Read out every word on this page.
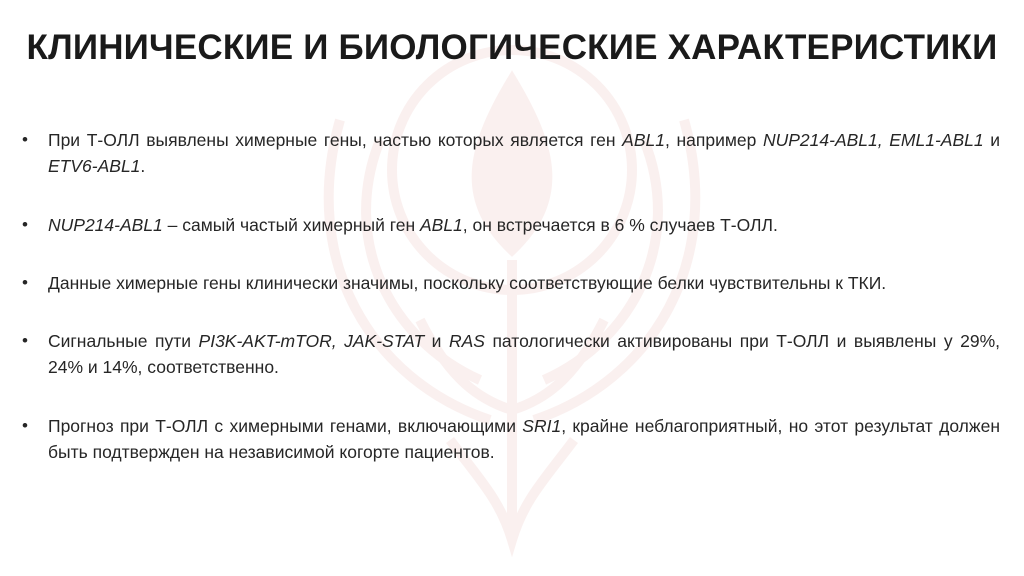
КЛИНИЧЕСКИЕ И БИОЛОГИЧЕСКИЕ ХАРАКТЕРИСТИКИ
• При Т-ОЛЛ выявлены химерные гены, частью которых является ген ABL1, например NUP214-ABL1, EML1-ABL1 и ETV6-ABL1.
• NUP214-ABL1 – самый частый химерный ген ABL1, он встречается в 6 % случаев Т-ОЛЛ.
• Данные химерные гены клинически значимы, поскольку соответствующие белки чувствительны к ТКИ.
• Сигнальные пути PI3K-AKT-mTOR, JAK-STAT и RAS патологически активированы при Т-ОЛЛ и выявлены у 29%, 24% и 14%, соответственно.
• Прогноз при Т-ОЛЛ с химерными генами, включающими SRI1, крайне неблагоприятный, но этот результат должен быть подтвержден на независимой когорте пациентов.
